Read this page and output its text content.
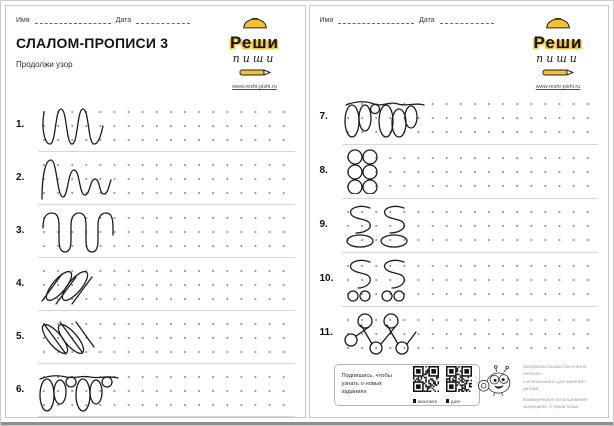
Имя	Дата
СЛАЛОМ-ПРОПИСИ 3
Продолжи узор
Реши
пиши
www.reshi-pishi.ru
1.
2.
3.
4.
5.
6.
Имя	Дата
Реши
пиши
www.reshi-pishi.ru
7.
8.
9.
10.
11.
Подпишись, чтобы
узнать о новых заданиях
вконтакте	дзен
Материалы можно бесплатно печатать
и использовать для занятий с детьми.
Коммерческое использование запрещено. © реши-пиши
